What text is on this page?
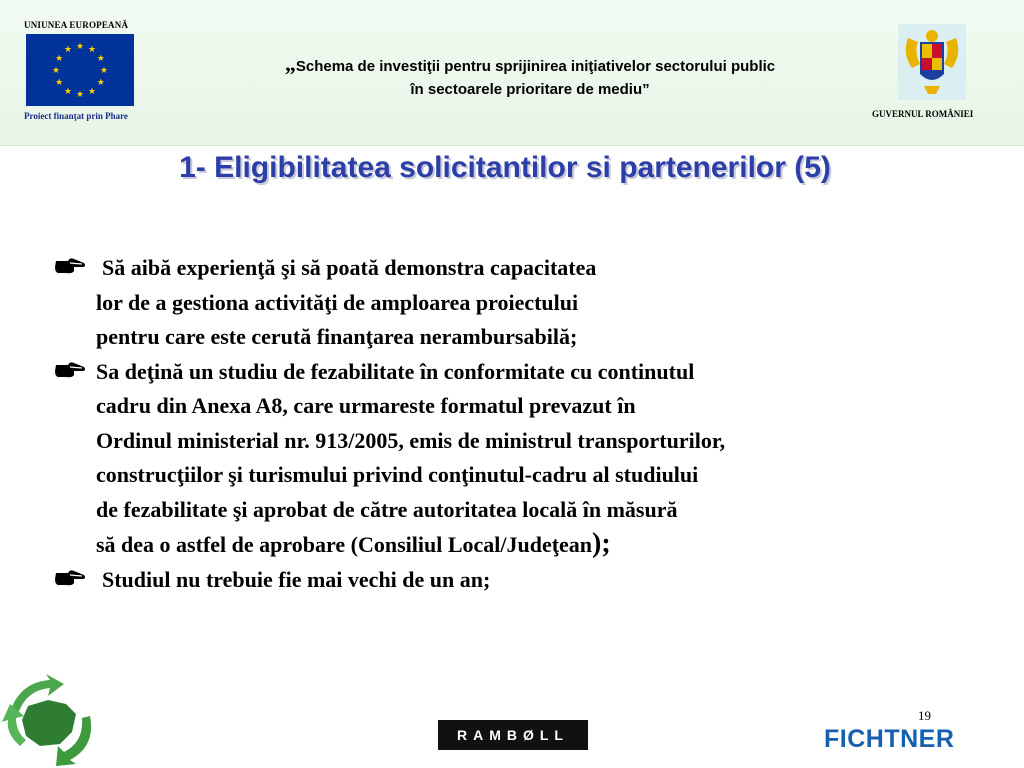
UNIUNEA EUROPEANĂ
★ ★
★
★
★
★
★
★
★
★
★
★
Proiect finanţat prin Phare
„Schema de investiţii pentru sprijinirea iniţiativelor sectorului public
în sectoarele prioritare de mediu”
GUVERNUL ROMÂNIEI
1- Eligibilitatea solicitantilor si partenerilor (5)
Să aibă experienţă şi să poată demonstra capacitatea
lor de a gestiona activităţi de amploarea proiectului
pentru care este cerută finanţarea nerambursabilă;
Sa deţină un studiu de fezabilitate în conformitate cu continutul
cadru din Anexa A8, care urmareste formatul prevazut în
Ordinul ministerial nr. 913/2005, emis de ministrul transporturilor,
construcţiilor şi turismului privind conţinutul-cadru al studiului
de fezabilitate şi aprobat de către autoritatea locală în măsură
să dea o astfel de aprobare (Consiliul Local/Judeţean);
Studiul nu trebuie fie mai vechi de un an;
19
RAMBØLL	FICHTNER
